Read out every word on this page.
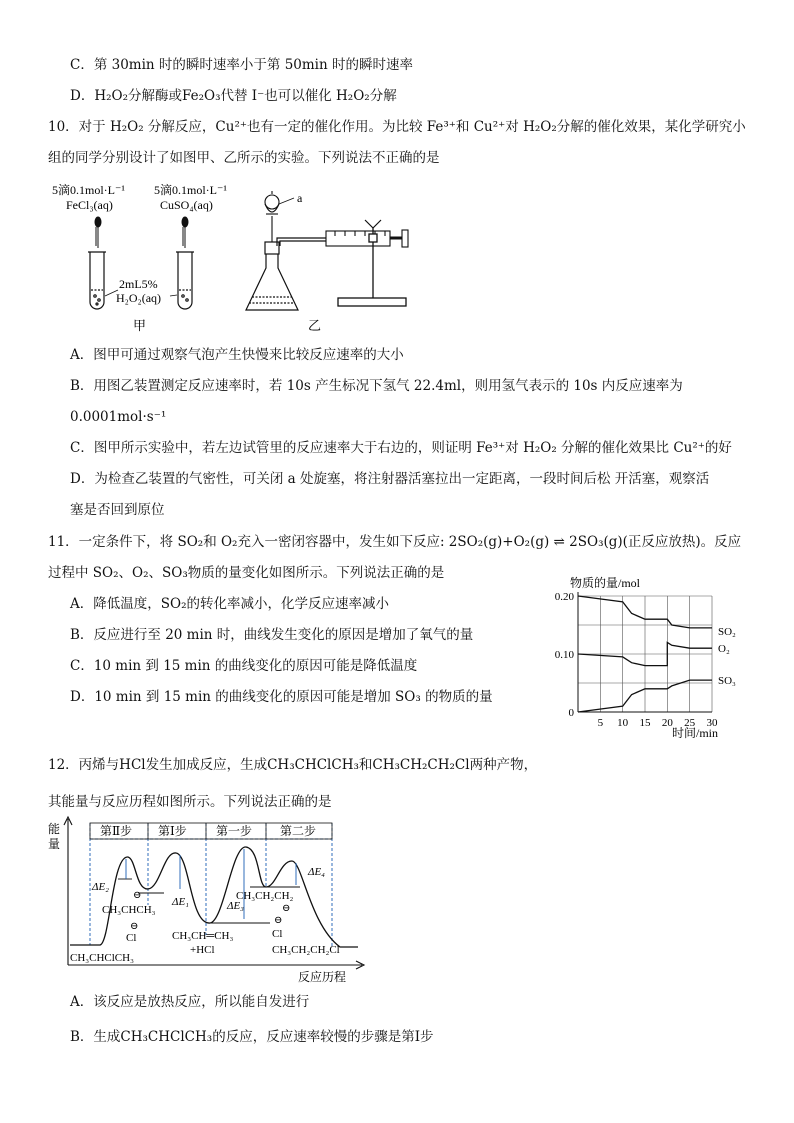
C．第 30min 时的瞬时速率小于第 50min 时的瞬时速率
D．H₂O₂分解酶或Fe₂O₃代替 I⁻也可以催化 H₂O₂分解
10．对于 H₂O₂ 分解反应，Cu²⁺也有一定的催化作用。为比较 Fe³⁺和 Cu²⁺对 H₂O₂分解的催化效果，某化学研究小
组的同学分别设计了如图甲、乙所示的实验。下列说法不正确的是
5滴0.1mol·L⁻¹
FeCl₃(aq)
5滴0.1mol·L⁻¹
CuSO₄(aq)
2mL5%
H₂O₂(aq)
甲
a
乙
A．图甲可通过观察气泡产生快慢来比较反应速率的大小
B．用图乙装置测定反应速率时，若 10s 产生标况下氢气 22.4ml，则用氢气表示的 10s 内反应速率为
0.0001mol·s⁻¹
C．图甲所示实验中，若左边试管里的反应速率大于右边的，则证明 Fe³⁺对 H₂O₂ 分解的催化效果比 Cu²⁺的好
D．为检查乙装置的气密性，可关闭 a 处旋塞，将注射器活塞拉出一定距离，一段时间后松 开活塞，观察活
塞是否回到原位
11．一定条件下，将 SO₂和 O₂充入一密闭容器中，发生如下反应: 2SO₂(g)+O₂(g) ⇌ 2SO₃(g)(正反应放热)。反应
过程中 SO₂、O₂、SO₃物质的量变化如图所示。下列说法正确的是
A．降低温度，SO₂的转化率减小，化学反应速率减小
B．反应进行至 20 min 时，曲线发生变化的原因是增加了氧气的量
C．10 min 到 15 min 的曲线变化的原因可能是降低温度
D．10 min 到 15 min 的曲线变化的原因可能是增加 SO₃ 的物质的量
物质的量/mol
时间/min
5 10 15 20 25 30
0
0.10
0.20
SO₂
O₂
SO₃
12．丙烯与HCl发生加成反应，生成CH₃CHClCH₃和CH₃CH₂CH₂Cl两种产物，
其能量与反应历程如图所示。下列说法正确的是
能
量
反应历程
第Ⅱ步 第Ⅰ步 第一步 第二步
ΔE₂
ΔE₁	ΔE₃
ΔE₄
⊖
CH₃CHCH₃
⊖
Cl
CH₃CH₂CH₂
⊖
⊖
Cl
CH₃CH═CH₃
+HCl
CH₃CHClCH₃
CH₃CH₂CH₂Cl
A．该反应是放热反应，所以能自发进行
B．生成CH₃CHClCH₃的反应，反应速率较慢的步骤是第Ⅰ步
